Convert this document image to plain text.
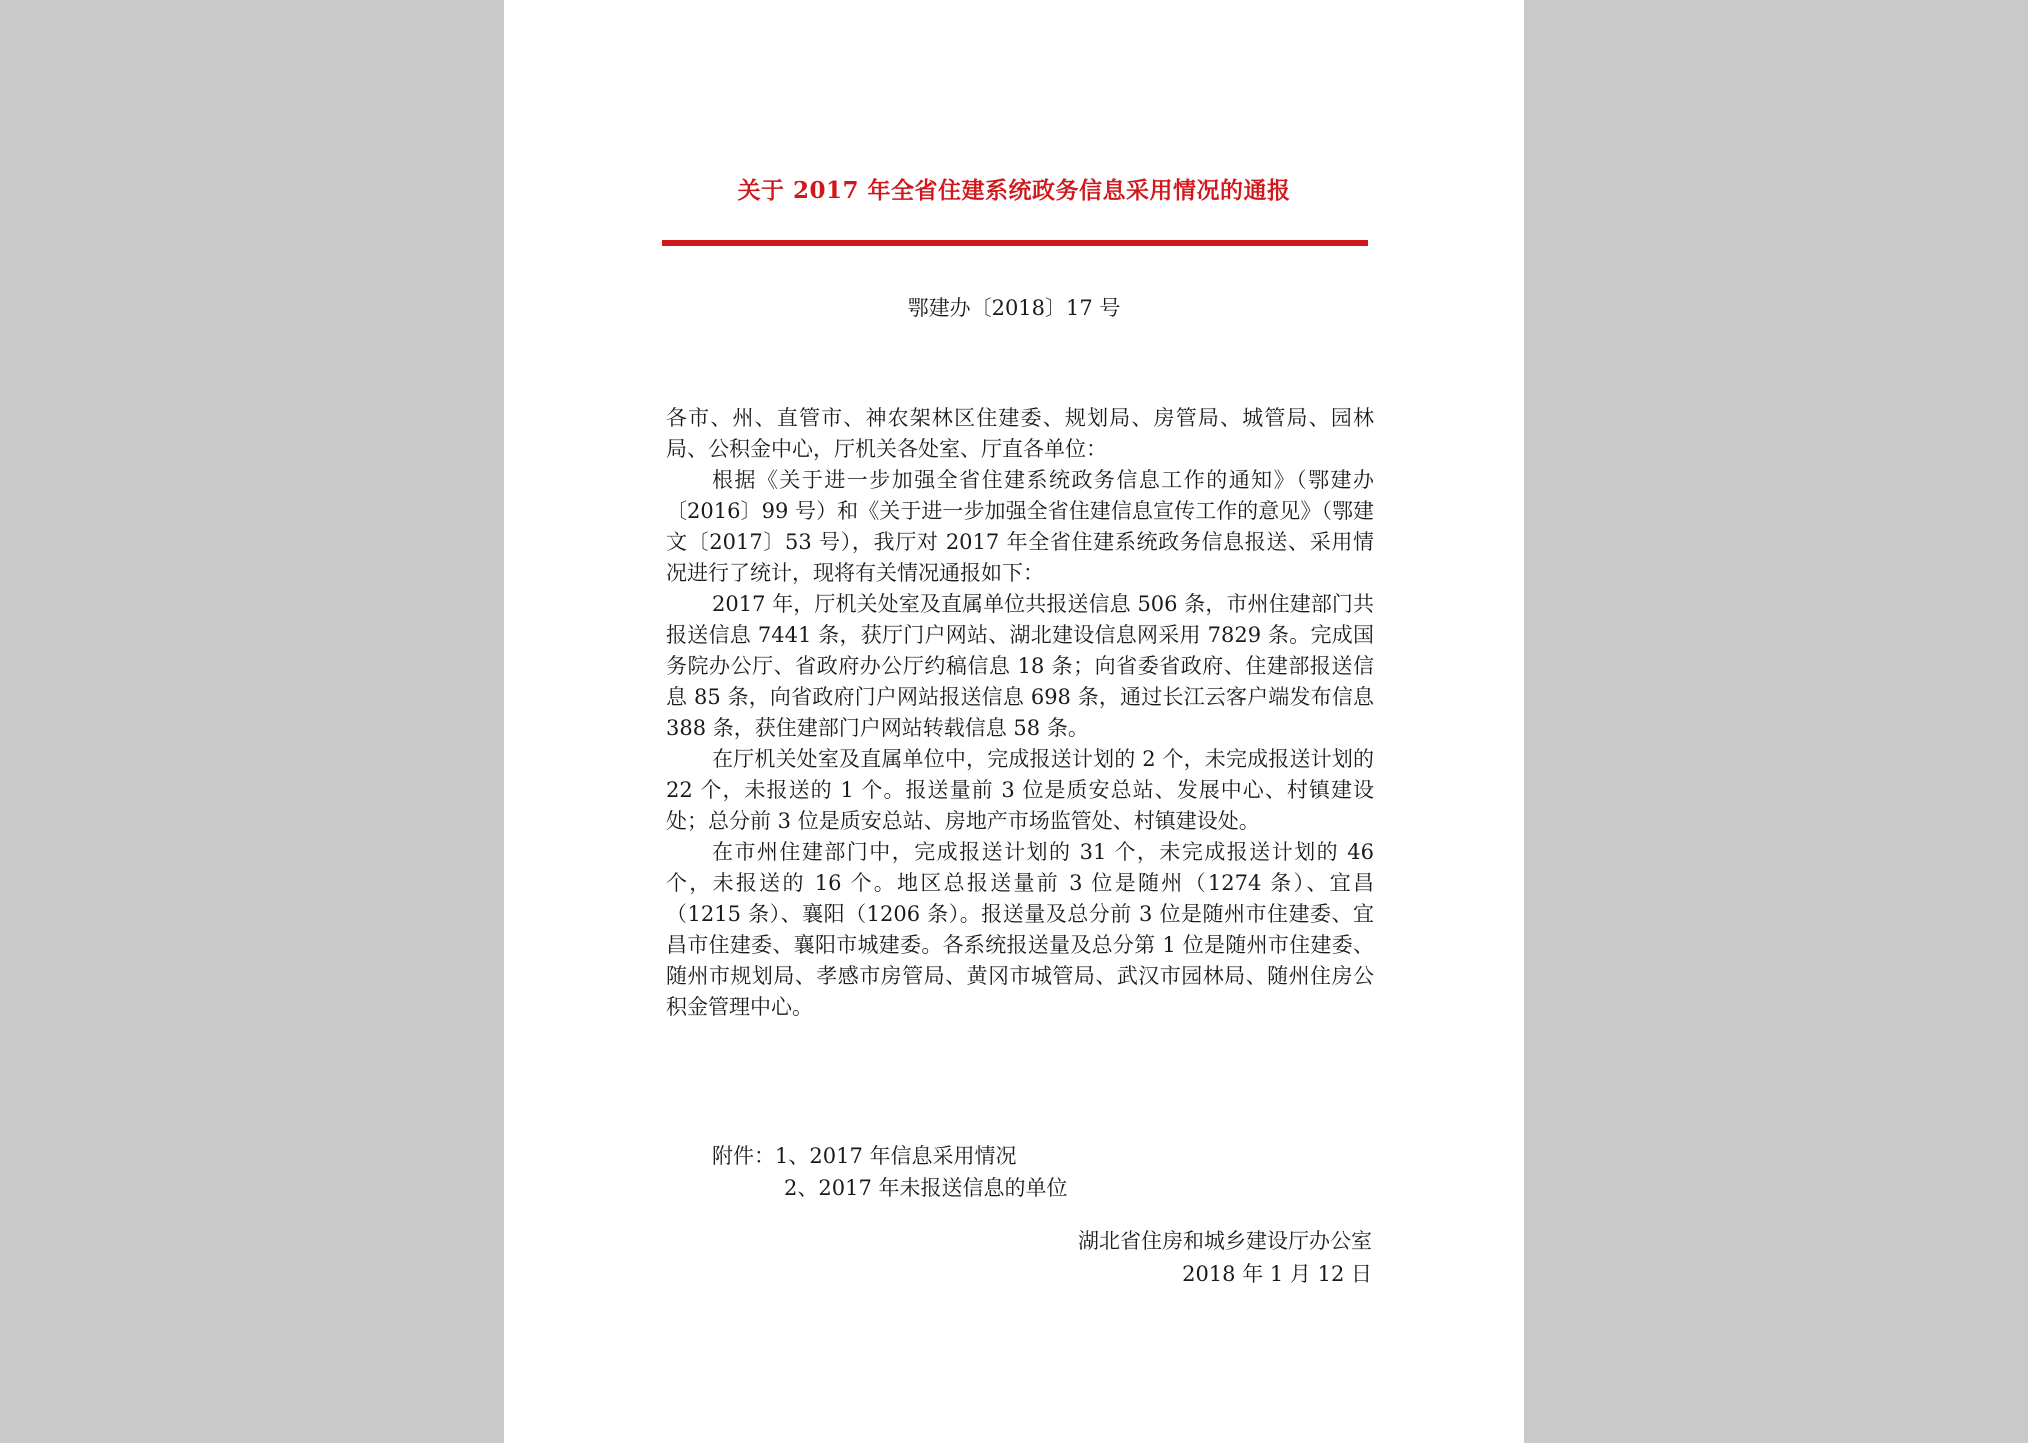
关于 2017 年全省住建系统政务信息采用情况的通报
鄂建办〔2018〕17 号

各市、州、直管市、神农架林区住建委、规划局、房管局、城管局、园林局、公积金中心，厅机关各处室、厅直各单位：

根据《关于进一步加强全省住建系统政务信息工作的通知》（鄂建办〔2016〕99 号）和《关于进一步加强全省住建信息宣传工作的意见》（鄂建文〔2017〕53 号），我厅对 2017 年全省住建系统政务信息报送、采用情况进行了统计，现将有关情况通报如下：

2017 年，厅机关处室及直属单位共报送信息 506 条，市州住建部门共报送信息 7441 条，获厅门户网站、湖北建设信息网采用 7829 条。完成国务院办公厅、省政府办公厅约稿信息 18 条；向省委省政府、住建部报送信息 85 条，向省政府门户网站报送信息 698 条，通过长江云客户端发布信息 388 条，获住建部门户网站转载信息 58 条。

在厅机关处室及直属单位中，完成报送计划的 2 个，未完成报送计划的 22 个，未报送的 1 个。报送量前 3 位是质安总站、发展中心、村镇建设处；总分前 3 位是质安总站、房地产市场监管处、村镇建设处。

在市州住建部门中，完成报送计划的 31 个，未完成报送计划的 46 个，未报送的 16 个。地区总报送量前 3 位是随州（1274 条）、宜昌（1215 条）、襄阳（1206 条）。报送量及总分前 3 位是随州市住建委、宜昌市住建委、襄阳市城建委。各系统报送量及总分第 1 位是随州市住建委、随州市规划局、孝感市房管局、黄冈市城管局、武汉市园林局、随州住房公积金管理中心。

附件：1、2017 年信息采用情况
2、2017 年未报送信息的单位
湖北省住房和城乡建设厅办公室
2018 年 1 月 12 日
